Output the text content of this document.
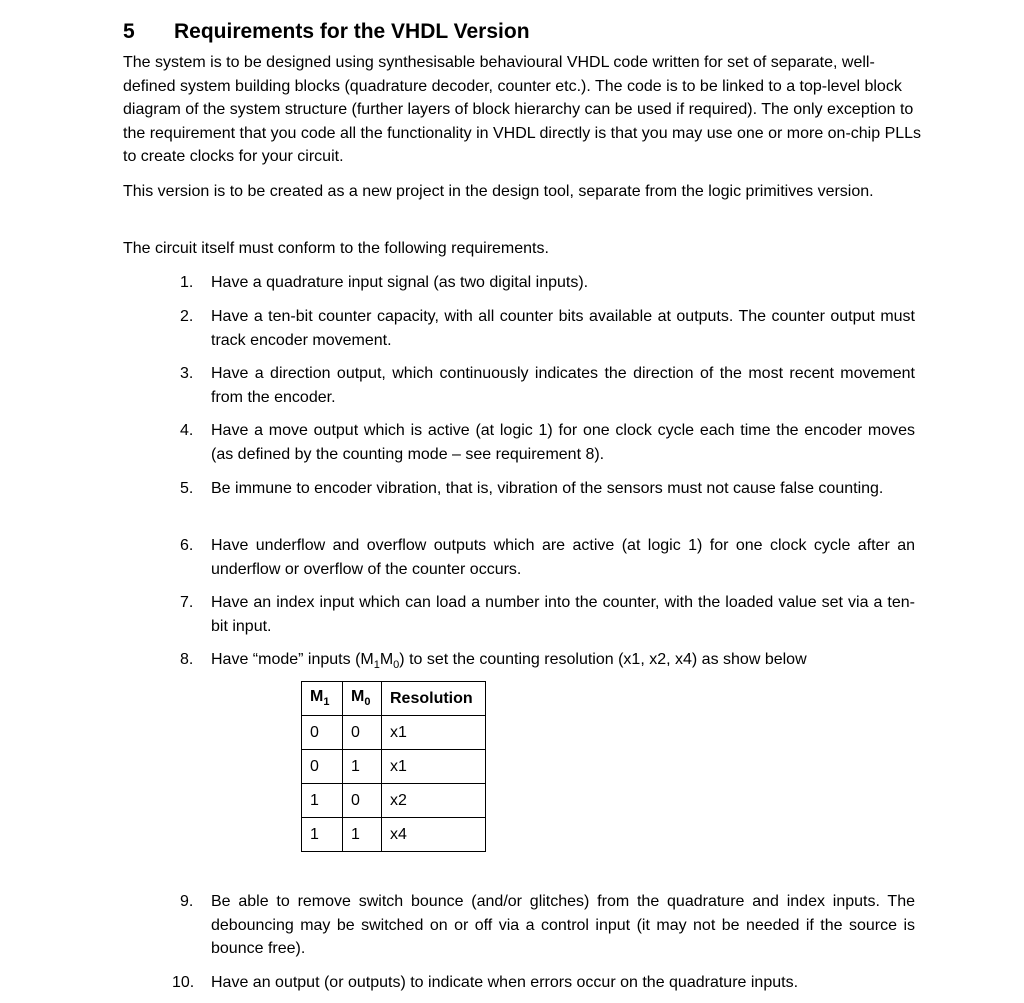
5 Requirements for the VHDL Version
The system is to be designed using synthesisable behavioural VHDL code written for set of separate, well-defined system building blocks (quadrature decoder, counter etc.). The code is to be linked to a top-level block diagram of the system structure (further layers of block hierarchy can be used if required). The only exception to the requirement that you code all the functionality in VHDL directly is that you may use one or more on-chip PLLs to create clocks for your circuit.
This version is to be created as a new project in the design tool, separate from the logic primitives version.
The circuit itself must conform to the following requirements.
1. Have a quadrature input signal (as two digital inputs).
2. Have a ten-bit counter capacity, with all counter bits available at outputs. The counter output must track encoder movement.
3. Have a direction output, which continuously indicates the direction of the most recent movement from the encoder.
4. Have a move output which is active (at logic 1) for one clock cycle each time the encoder moves (as defined by the counting mode – see requirement 8).
5. Be immune to encoder vibration, that is, vibration of the sensors must not cause false counting.
6. Have underflow and overflow outputs which are active (at logic 1) for one clock cycle after an underflow or overflow of the counter occurs.
7. Have an index input which can load a number into the counter, with the loaded value set via a ten-bit input.
8. Have “mode” inputs $(M_1M_0)$ to set the counting resolution (x1, x2, x4) as show below
$M_1$	$M_0$	Resolution
0	0	x1
0	1	x1
1	0	x2
1	1	x4
9. Be able to remove switch bounce (and/or glitches) from the quadrature and index inputs. The debouncing may be switched on or off via a control input (it may not be needed if the source is bounce free).
10. Have an output (or outputs) to indicate when errors occur on the quadrature inputs.
